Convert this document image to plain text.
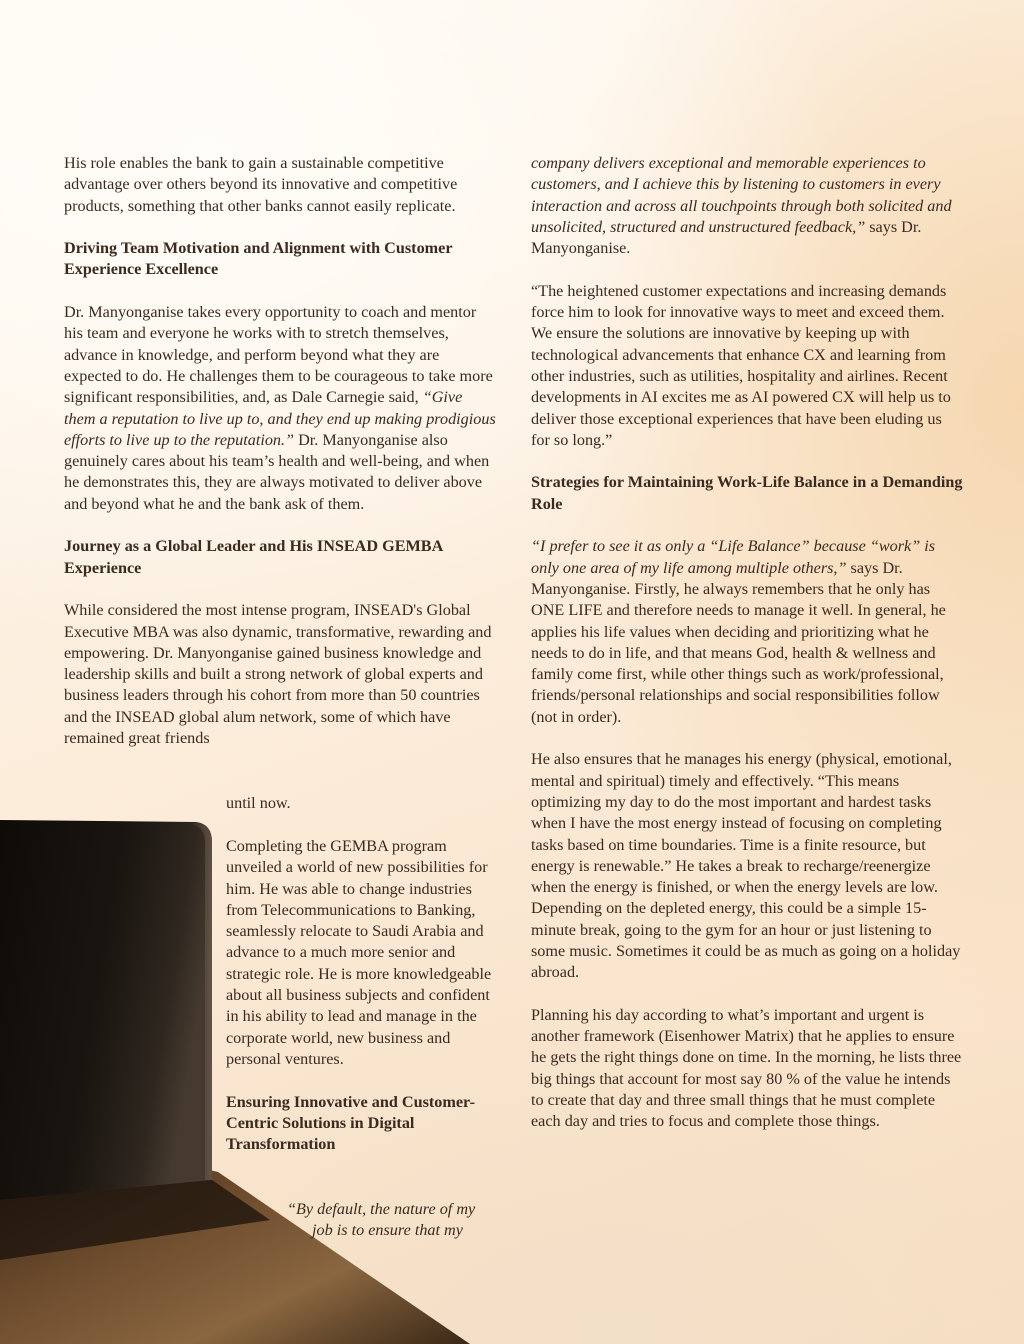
His role enables the bank to gain a sustainable competitive advantage over others beyond its innovative and competitive products, something that other banks cannot easily replicate.

Driving Team Motivation and Alignment with Customer Experience Excellence

Dr. Manyonganise takes every opportunity to coach and mentor his team and everyone he works with to stretch themselves, advance in knowledge, and perform beyond what they are expected to do. He challenges them to be courageous to take more significant responsibilities, and, as Dale Carnegie said, “Give them a reputation to live up to, and they end up making prodigious efforts to live up to the reputation.” Dr. Manyonganise also genuinely cares about his team’s health and well-being, and when he demonstrates this, they are always motivated to deliver above and beyond what he and the bank ask of them.

Journey as a Global Leader and His INSEAD GEMBA Experience

While considered the most intense program, INSEAD's Global Executive MBA was also dynamic, transformative, rewarding and empowering. Dr. Manyonganise gained business knowledge and leadership skills and built a strong network of global experts and business leaders through his cohort from more than 50 countries and the INSEAD global alum network, some of which have remained great friends

until now.

Completing the GEMBA program unveiled a world of new possibilities for him. He was able to change industries from Telecommunications to Banking, seamlessly relocate to Saudi Arabia and advance to a much more senior and strategic role. He is more knowledgeable about all business subjects and confident in his ability to lead and manage in the corporate world, new business and personal ventures.

Ensuring Innovative and Customer-Centric Solutions in Digital Transformation

“By default, the nature of my
job is to ensure that my

company delivers exceptional and memorable experiences to customers, and I achieve this by listening to customers in every interaction and across all touchpoints through both solicited and unsolicited, structured and unstructured feedback,” says Dr. Manyonganise.

“The heightened customer expectations and increasing demands force him to look for innovative ways to meet and exceed them. We ensure the solutions are innovative by keeping up with technological advancements that enhance CX and learning from other industries, such as utilities, hospitality and airlines. Recent developments in AI excites me as AI powered CX will help us to deliver those exceptional experiences that have been eluding us for so long.”

Strategies for Maintaining Work-Life Balance in a Demanding Role

“I prefer to see it as only a “Life Balance” because “work” is only one area of my life among multiple others,” says Dr. Manyonganise. Firstly, he always remembers that he only has ONE LIFE and therefore needs to manage it well. In general, he applies his life values when deciding and prioritizing what he needs to do in life, and that means God, health & wellness and family come first, while other things such as work/professional, friends/personal relationships and social responsibilities follow (not in order).

He also ensures that he manages his energy (physical, emotional, mental and spiritual) timely and effectively. “This means optimizing my day to do the most important and hardest tasks when I have the most energy instead of focusing on completing tasks based on time boundaries. Time is a finite resource, but energy is renewable.” He takes a break to recharge/reenergize when the energy is finished, or when the energy levels are low. Depending on the depleted energy, this could be a simple 15-minute break, going to the gym for an hour or just listening to some music. Sometimes it could be as much as going on a holiday abroad.

Planning his day according to what’s important and urgent is another framework (Eisenhower Matrix) that he applies to ensure he gets the right things done on time. In the morning, he lists three big things that account for most say 80 % of the value he intends to create that day and three small things that he must complete each day and tries to focus and complete those things.
